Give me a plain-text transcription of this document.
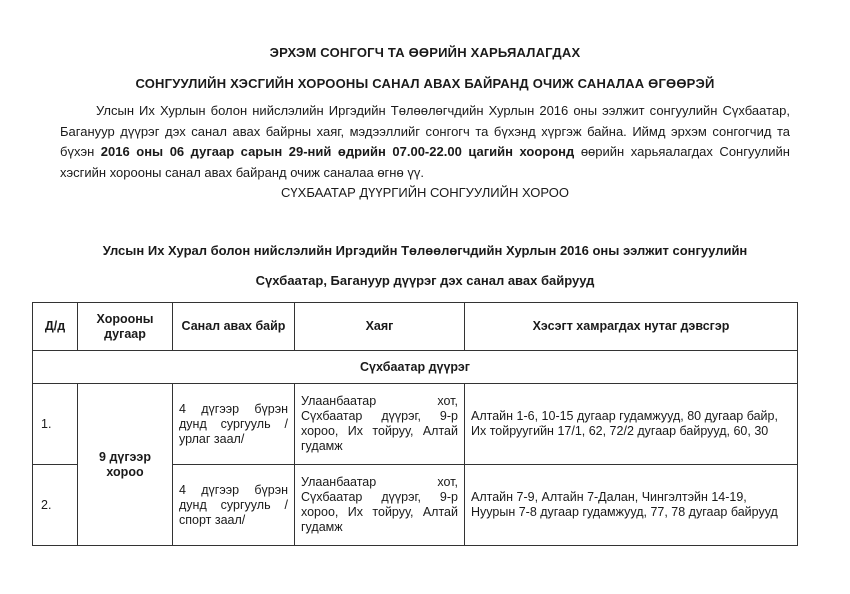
ЭРХЭМ СОНГОГЧ ТА ӨӨРИЙН ХАРЬЯАЛАГДАХ
СОНГУУЛИЙН ХЭСГИЙН ХОРООНЫ САНАЛ АВАХ БАЙРАНД ОЧИЖ САНАЛАА ӨГӨӨРЭЙ
Улсын Их Хурлын болон нийслэлийн Иргэдийн Төлөөлөгчдийн Хурлын 2016 оны ээлжит сонгуулийн Сүхбаатар, Багануур дүүрэг дэх санал авах байрны хаяг, мэдээллийг сонгогч та бүхэнд хүргэж байна. Иймд эрхэм сонгогчид та бүхэн 2016 оны 06 дугаар сарын 29-ний өдрийн 07.00-22.00 цагийн хооронд өөрийн харьяалагдах Сонгуулийн хэсгийн хорооны санал авах байранд очиж саналаа өгнө үү.
СҮХБААТАР ДҮҮРГИЙН СОНГУУЛИЙН ХОРОО
Улсын Их Хурал болон нийслэлийн Иргэдийн Төлөөлөгчдийн Хурлын 2016 оны ээлжит сонгуулийн
Сүхбаатар, Багануур дүүрэг дэх санал авах байрууд
Д/д	Хорооны дугаар	Санал авах байр	Хаяг	Хэсэгт хамрагдах нутаг дэвсгэр
Сүхбаатар дүүрэг				
1.	9 дүгээр хороо	4 дүгээр бүрэн дунд сургууль /урлаг заал/	Улаанбаатар хот, Сүхбаатар дүүрэг, 9-р хороо, Их тойруу, Алтай гудамж	Алтайн 1-6, 10-15 дугаар гудамжууд, 80 дугаар байр, Их тойрууги̇йн 17/1, 62, 72/2 дугаар байрууд, 60, 30
2.		4 дүгээр бүрэн дунд сургууль /спорт заал/	Улаанбаатар хот, Сүхбаатар дүүрэг, 9-р хороо, Их тойруу, Алтай гудамж	Алтайн 7-9, Алтайн 7-Далан, Чингэлтэйн 14-19, Нуурын 7-8 дугаар гудамжууд, 77, 78 дугаар байрууд
